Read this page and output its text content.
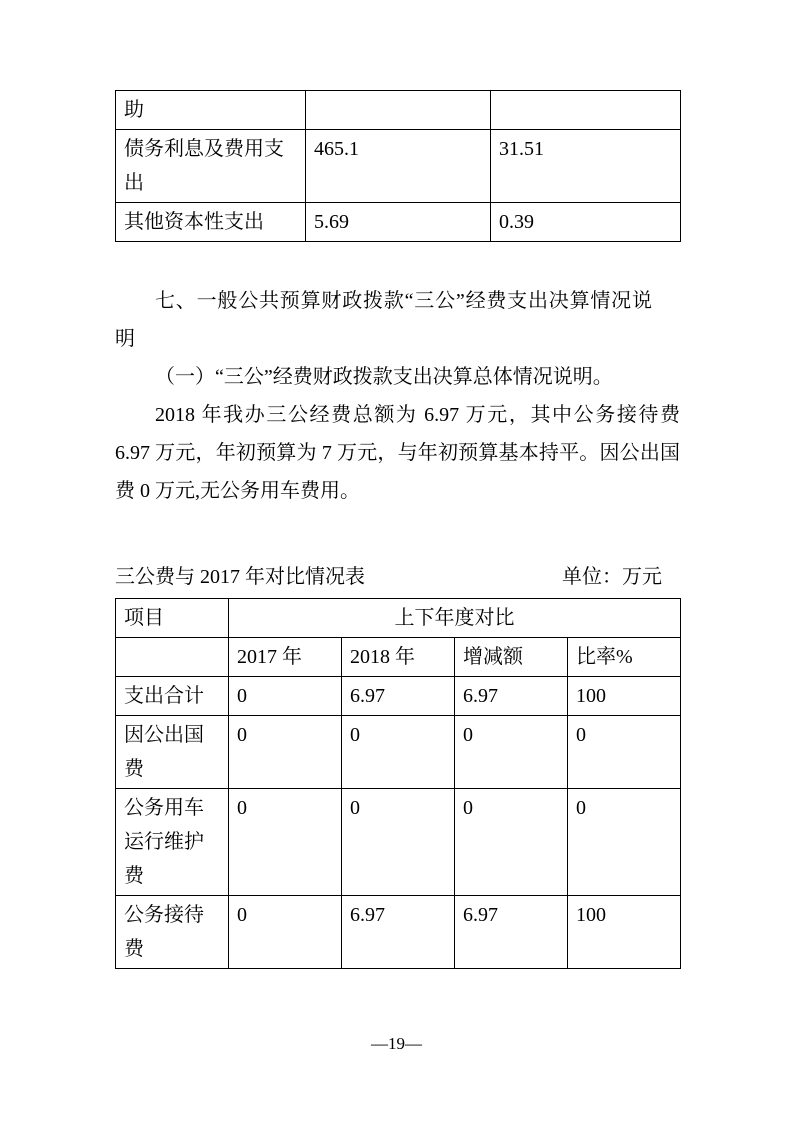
助		
债务利息及费用支出	465.1	31.51
其他资本性支出	5.69	0.39

七、一般公共预算财政拨款“三公”经费支出决算情况说明

（一）“三公”经费财政拨款支出决算总体情况说明。

2018 年我办三公经费总额为 6.97 万元，其中公务接待费 6.97 万元，年初预算为 7 万元，与年初预算基本持平。因公出国费 0 万元,无公务用车费用。

三公费与 2017 年对比情况表	单位：万元
项目	上下年度对比			
	2017 年	2018 年	增减额	比率%
支出合计	0	6.97	6.97	100
因公出国费	0	0	0	0
公务用车运行维护费	0	0	0	0
公务接待费	0	6.97	6.97	100
—19—
